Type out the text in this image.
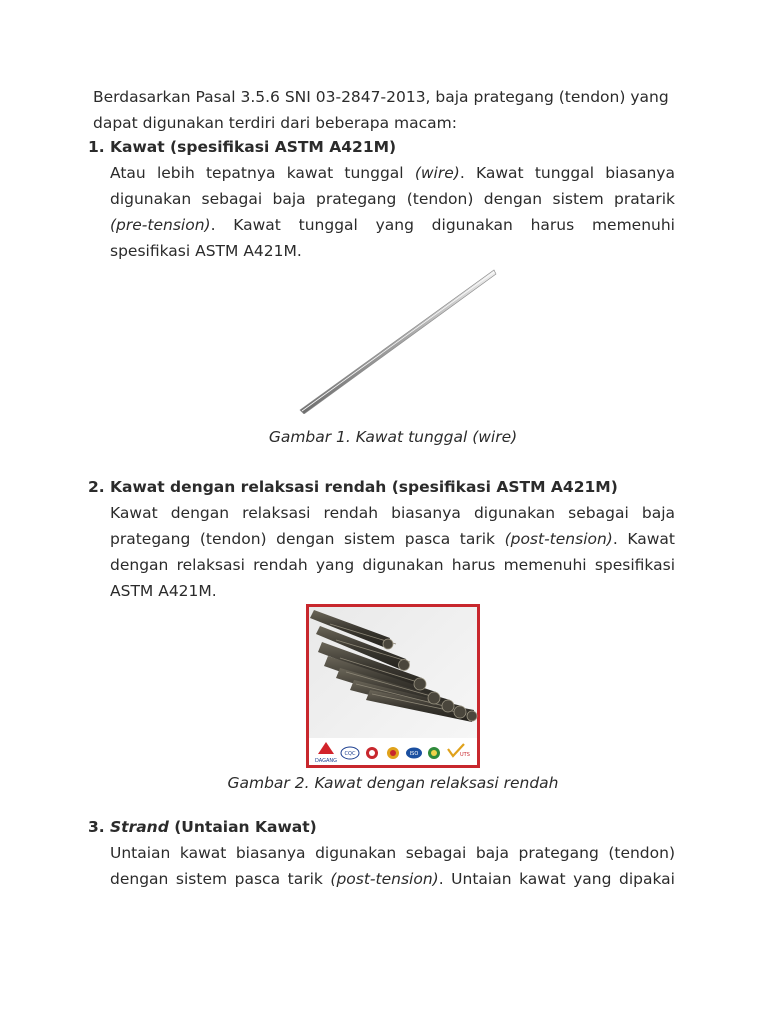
Berdasarkan Pasal 3.5.6 SNI 03-2847-2013, baja prategang (tendon) yang
dapat digunakan terdiri dari beberapa macam:

1. Kawat (spesifikasi ASTM A421M)

Atau lebih tepatnya kawat tunggal (wire). Kawat tunggal biasanya
digunakan sebagai baja prategang (tendon) dengan sistem pratarik
(pre-tension). Kawat tunggal yang digunakan harus memenuhi
spesifikasi ASTM A421M.

Gambar 1. Kawat tunggal (wire)

2. Kawat dengan relaksasi rendah (spesifikasi ASTM A421M)

Kawat dengan relaksasi rendah biasanya digunakan sebagai baja
prategang (tendon) dengan sistem pasca tarik (post-tension). Kawat
dengan relaksasi rendah yang digunakan harus memenuhi spesifikasi
ASTM A421M.
DAGANG
CQC	ISO	UTS

Gambar 2. Kawat dengan relaksasi rendah

3. Strand (Untaian Kawat)

Untaian kawat biasanya digunakan sebagai baja prategang (tendon)
dengan sistem pasca tarik (post-tension). Untaian kawat yang dipakai
